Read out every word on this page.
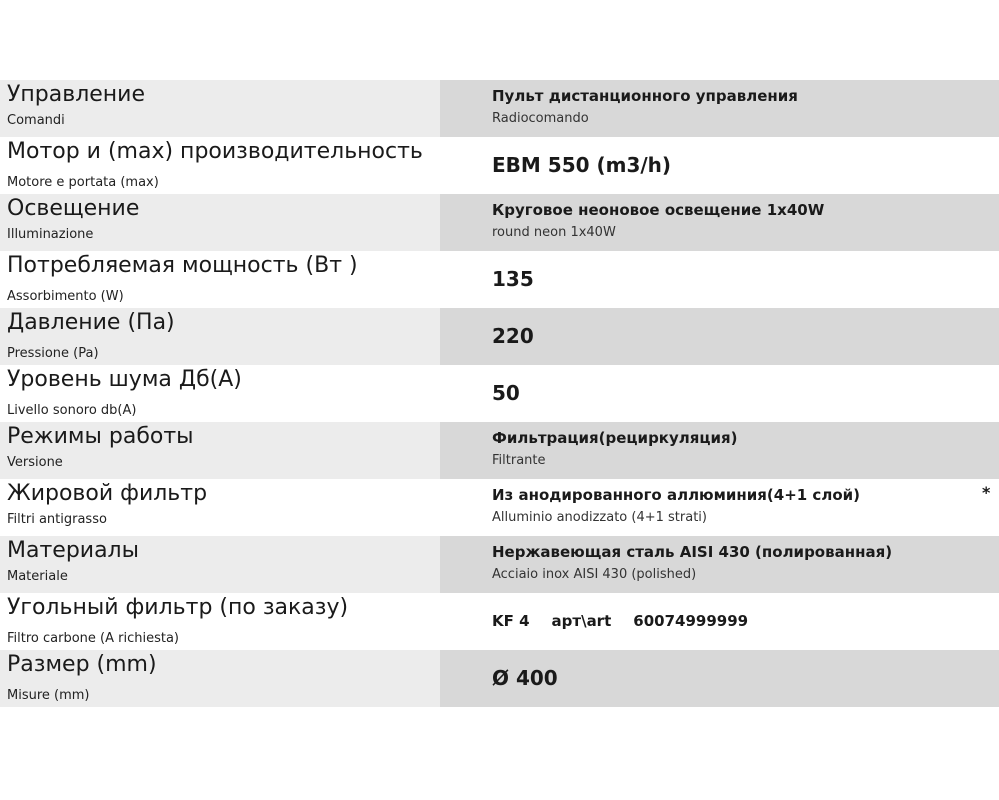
Управление
Comandi
Пульт дистанционного управления
Radiocomando
Мотор и (max) производительность
Motore e portata (max)
EBM 550 (m3/h)
Освещение
Illuminazione
Круговое неоновое освещение 1x40W
round neon 1x40W
Потребляемая мощность (Вт )
Assorbimento (W)
135
Давление (Па)
Pressione (Pa)
220
Уровень шума Дб(А)
Livello sonoro db(A)
50
Режимы работы
Versione
Фильтрация(рециркуляция)
Filtrante
Жировой фильтр
Filtri antigrasso
Из анодированного аллюминия(4+1 слой)	*
Alluminio anodizzato (4+1 strati)
Материалы
Materiale
Нержавеющая сталь AISI 430 (полированная)
Acciaio inox AISI 430 (polished)
Угольный фильтр (по заказу)
Filtro carbone (A richiesta)
KF 4 арт\art 60074999999
Размер (mm)
Misure (mm)
Ø 400
